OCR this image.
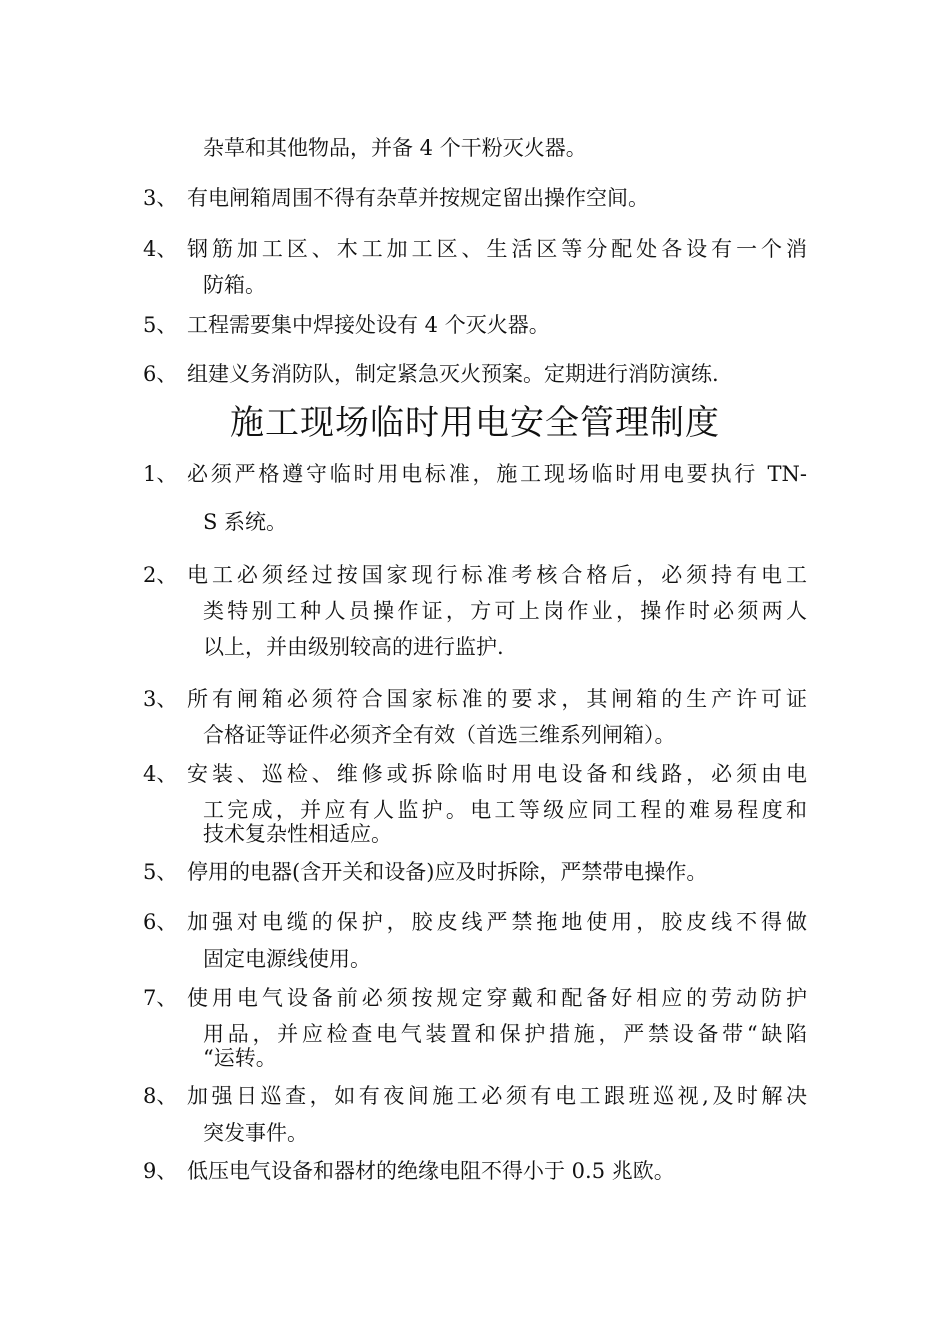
杂草和其他物品，并备 4 个干粉灭火器。
3、 有电闸箱周围不得有杂草并按规定留出操作空间。
4、 钢筋加工区、木工加工区、生活区等分配处各设有一个消
防箱。
5、 工程需要集中焊接处设有 4 个灭火器。
6、 组建义务消防队，制定紧急灭火预案。定期进行消防演练.
施工现场临时用电安全管理制度
1、 必须严格遵守临时用电标准，施工现场临时用电要执行 TN-
S 系统。
2、 电工必须经过按国家现行标准考核合格后，必须持有电工
类特别工种人员操作证，方可上岗作业，操作时必须两人
以上，并由级别较高的进行监护.
3、 所有闸箱必须符合国家标准的要求，其闸箱的生产许可证
合格证等证件必须齐全有效（首选三维系列闸箱）。
4、 安装、巡检、维修或拆除临时用电设备和线路，必须由电
工完成，并应有人监护。电工等级应同工程的难易程度和
技术复杂性相适应。
5、 停用的电器(含开关和设备)应及时拆除，严禁带电操作。
6、 加强对电缆的保护，胶皮线严禁拖地使用，胶皮线不得做
固定电源线使用。
7、 使用电气设备前必须按规定穿戴和配备好相应的劳动防护
用品，并应检查电气装置和保护措施，严禁设备带“缺陷
“运转。
8、 加强日巡查，如有夜间施工必须有电工跟班巡视,及时解决
突发事件。
9、 低压电气设备和器材的绝缘电阻不得小于 0.5 兆欧。
